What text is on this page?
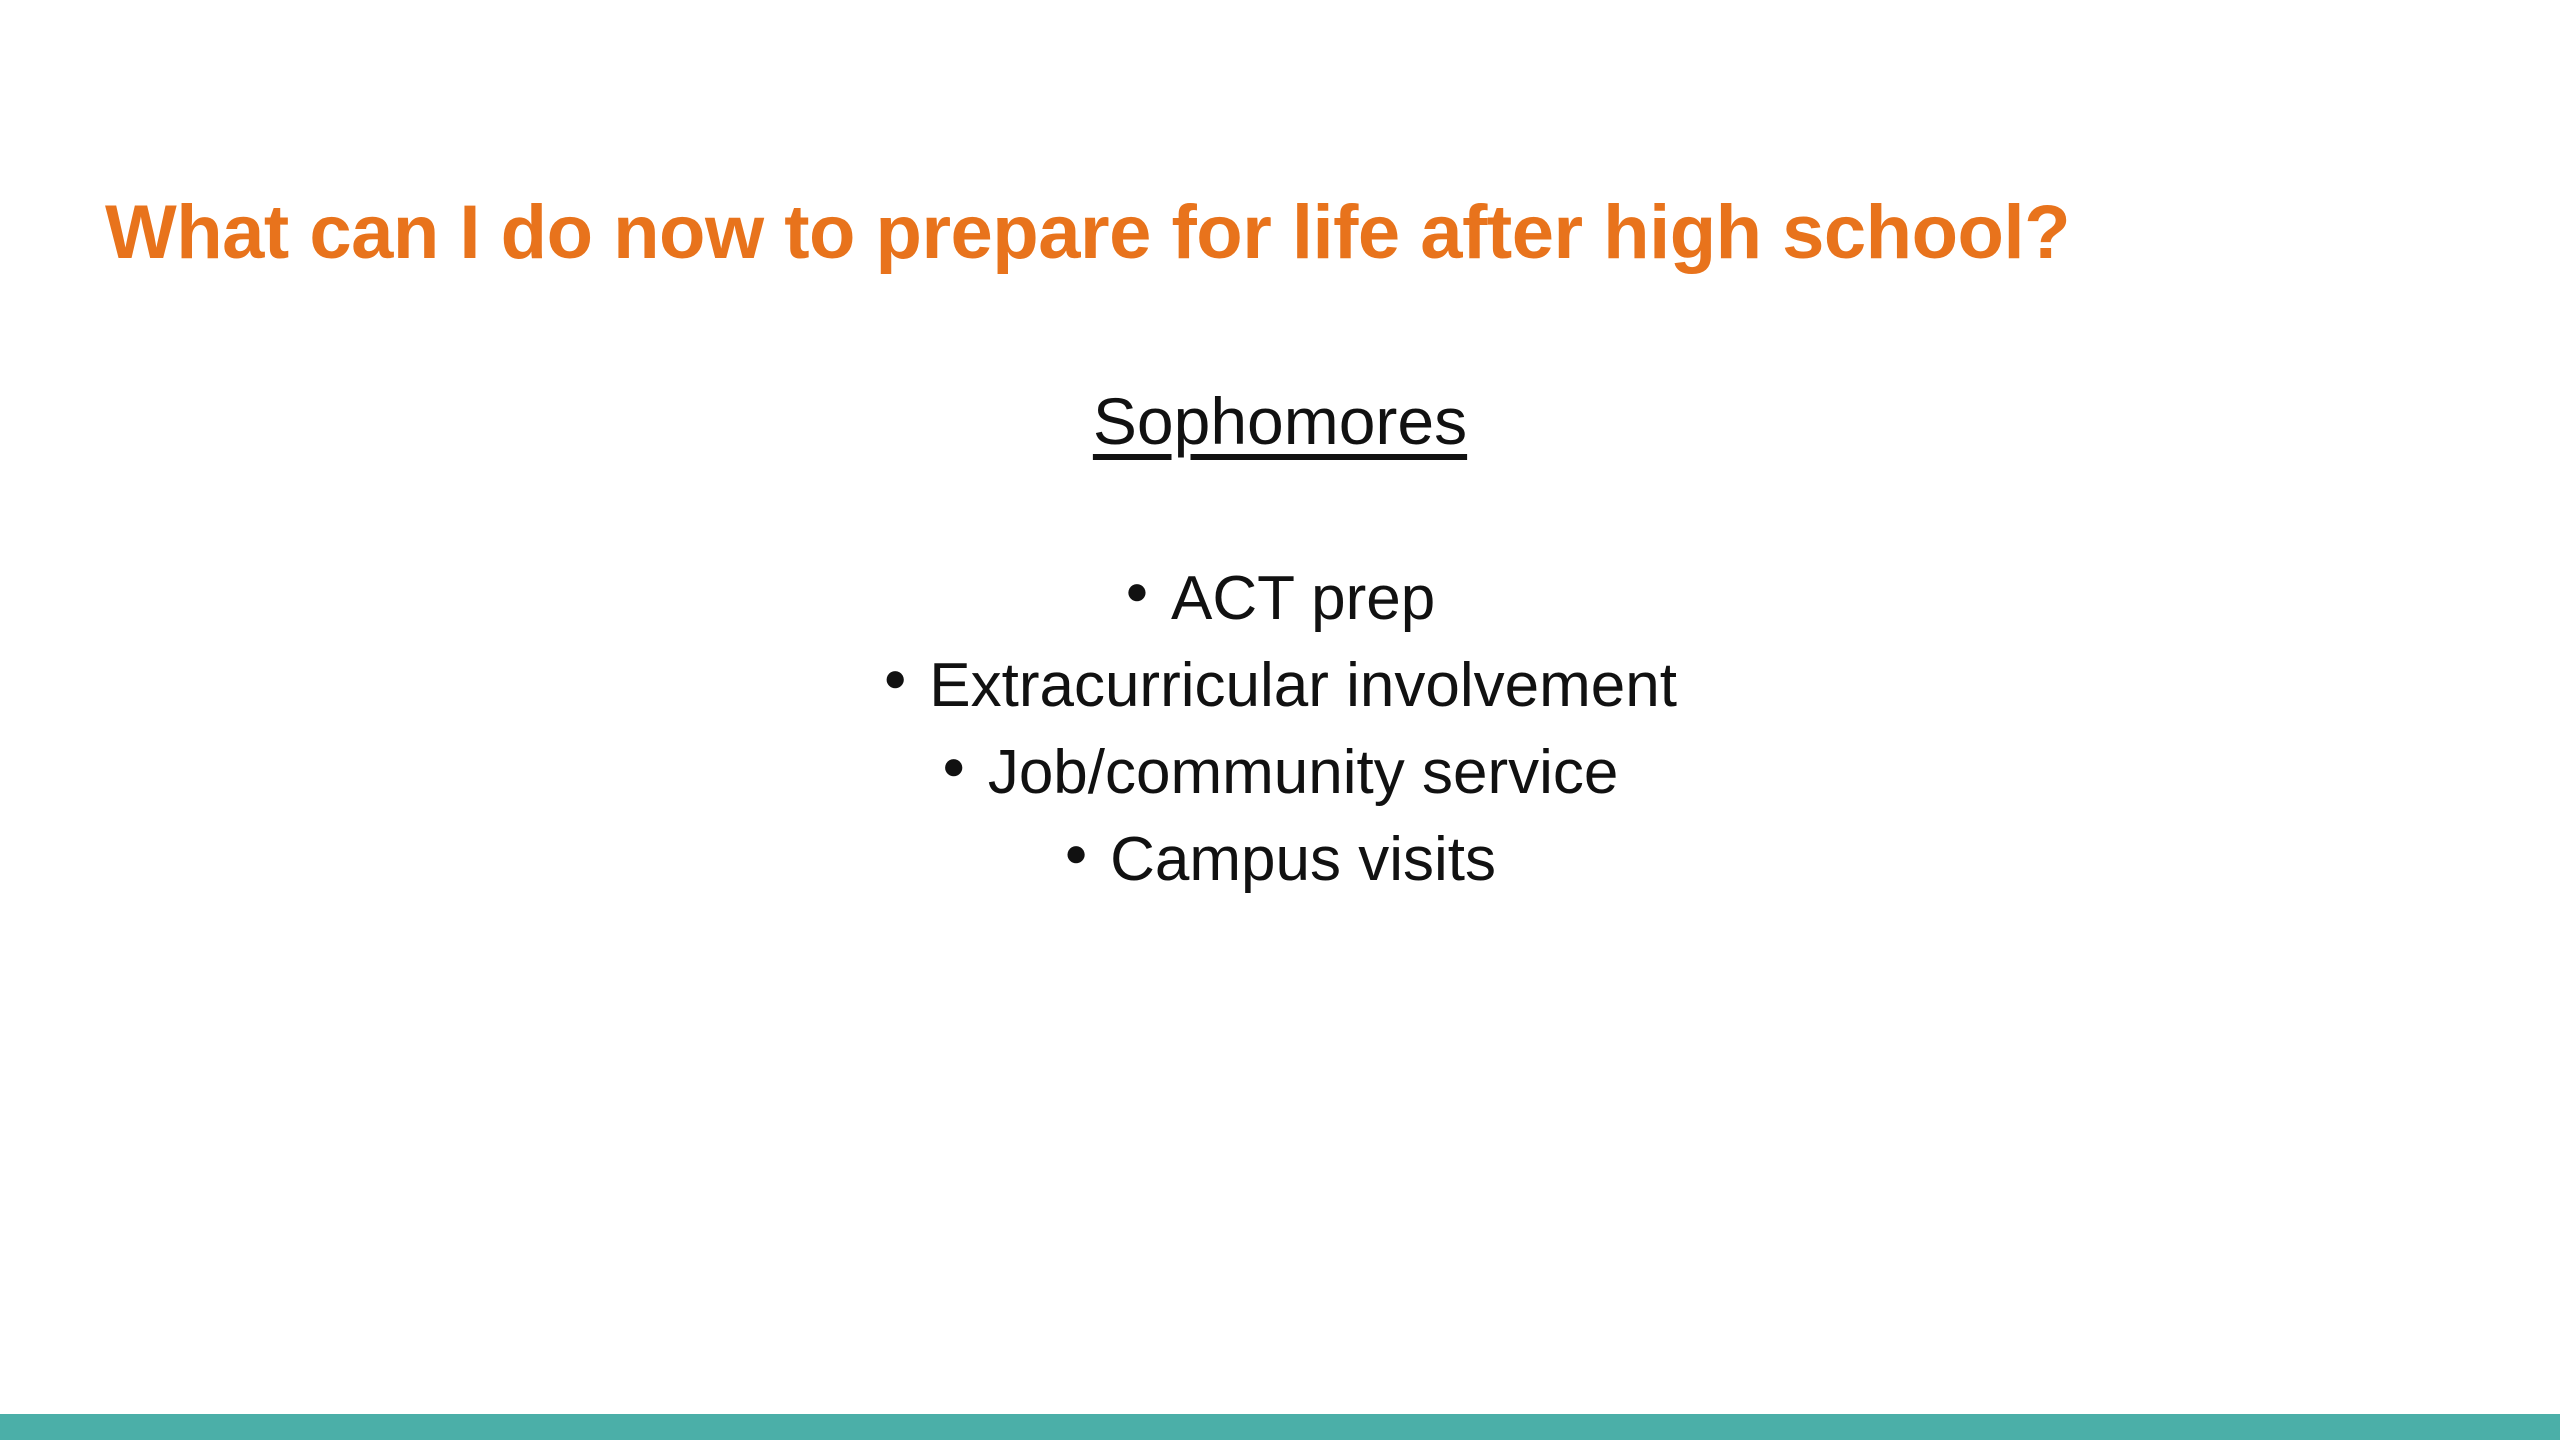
What can I do now to prepare for life after high school?
Sophomores
● ACT prep
● Extracurricular involvement
● Job/community service
● Campus visits
